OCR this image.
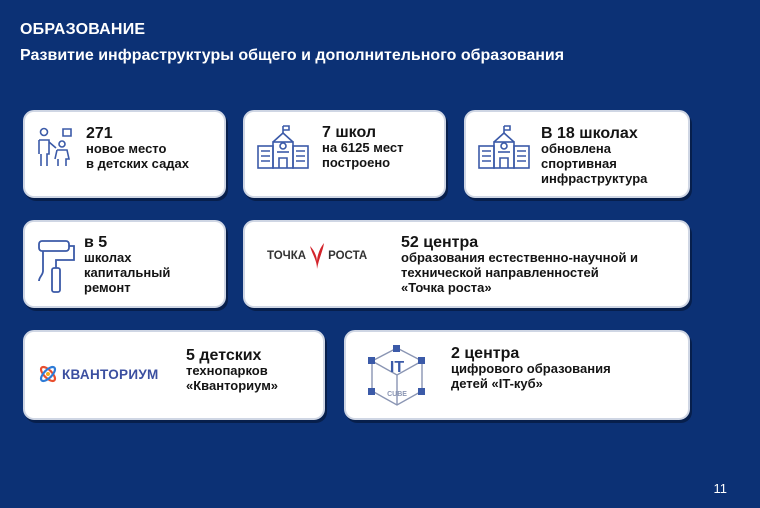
ОБРАЗОВАНИЕ
Развитие инфраструктуры общего и дополнительного образования
271
новое место
в детских садах
7 школ
на 6125 мест
построено
В 18 школах
обновлена
спортивная
инфраструктура
в 5
школах
капитальный
ремонт
ТОЧКА РОСТА
52 центра
образования естественно-научной и
технической направленностей
«Точка роста»
КВАНТОРИУМ
5 детских
технопарков
«Кванториум»
IT
CUBE
2 центра
цифрового образования
детей «IT-куб»
11
